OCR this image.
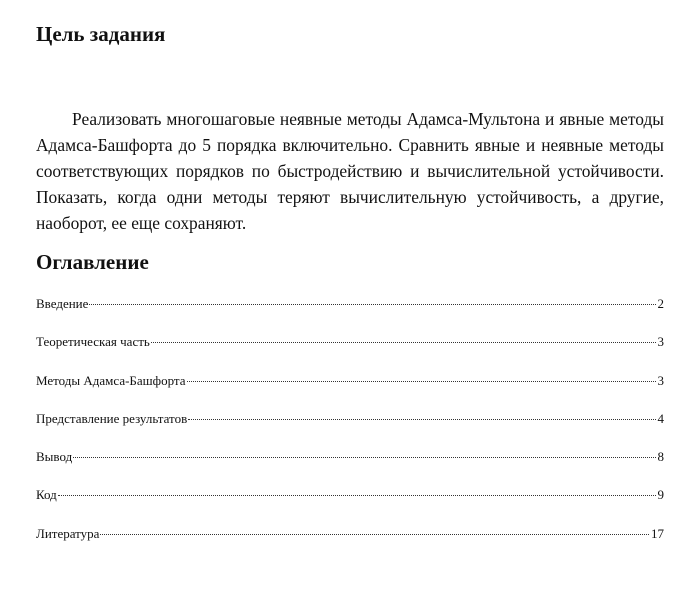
Цель задания

Реализовать многошаговые неявные методы Адамса-Мультона и явные методы Адамса-Башфорта до 5 порядка включительно. Сравнить явные и неявные методы соответствующих порядков по быстродействию и вычислительной устойчивости. Показать, когда одни методы теряют вычислительную устойчивость, а другие, наоборот, ее еще сохраняют.

Оглавление
Введение	2
Теоретическая часть	3
Методы Адамса-Башфорта	3
Представление результатов	4
Вывод	8
Код	9
Литература	17
